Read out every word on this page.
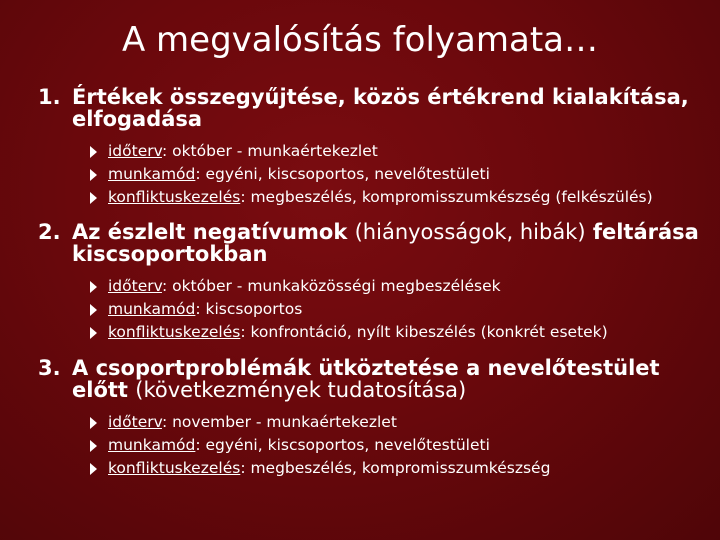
A megvalósítás folyamata…

1. Értékek összegyűjtése, közös értékrend kialakítása, elfogadása

időterv: október - munkaértekezlet
munkamód: egyéni, kiscsoportos, nevelőtestületi
konfliktuskezelés: megbeszélés, kompromisszumkészség (felkészülés)

2. Az észlelt negatívumok (hiányosságok, hibák) feltárása kiscsoportokban

időterv: október - munkaközösségi megbeszélések
munkamód: kiscsoportos
konfliktuskezelés: konfrontáció, nyílt kibeszélés (konkrét esetek)

3. A csoportproblémák ütköztetése a nevelőtestület előtt (következmények tudatosítása)

időterv: november - munkaértekezlet
munkamód: egyéni, kiscsoportos, nevelőtestületi
konfliktuskezelés: megbeszélés, kompromisszumkészség
